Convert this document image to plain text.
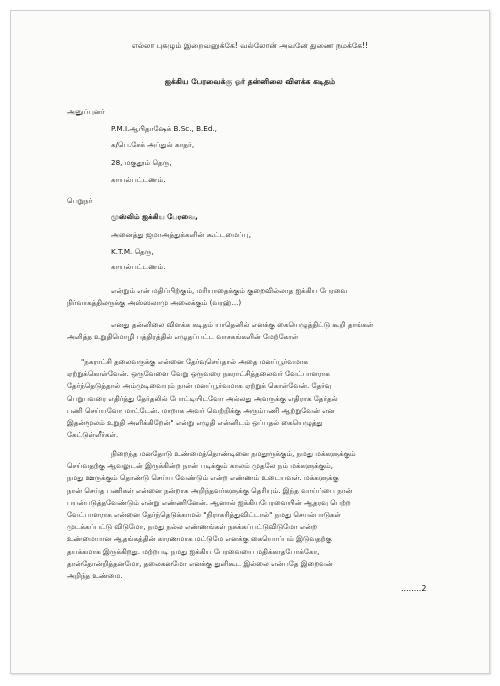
எல்லா புகழும் இறைவனுக்கே! வல்லோன் அவனே துணை நமக்கே!!
ஐக்கிய பேரவைக்கு ஓர் தன்னிலை விளக்க கடிதம்
அனுப்புனர்
P.M.I.ஆபிதாஷேக் B.Sc., B.Ed.,
க/பெ.சேக் அப்துல் காதர்,
28, மகுதூம் தெரு,
காயல்பட்டணம்.
பெறுநர்
முஸ்லிம் ஐக்கிய பேரவை,
அனைத்து ஜமாஅத்துக்களின் கூட்டமைப்பு,
K.T.M. தெரு,
காயல்பட்டணம்.
என்றும் என் மதிப்பிற்கும், மரியாதைக்கும் குறைவில்லாத ஐக்கிய பேரவை
நிர்வாகத்திலருக்கு அஸ்ஸலாமு அலைக்கும் (வரஹ்...)
எனது தன்னிலை விளக்க கடிதம் யாதெனில் எனக்கு கையெழுத்திட்டு கூறி தாங்கள்
அளித்த உறுதிமொழி பத்திரத்தில் எழுதப்பட்ட வாசகங்களின் மேற்கோள்
"நகராட்சி தலைவருக்கு என்னை தேர்வுசெய்தால் அதை மனப்பூர்வமாக
ஏற்றுக்கொள்வேன். ஒருவேளை வேறு ஒருவரை நகராட்சித்தலைவர் வேட்பாளராக
தேர்ந்தெடுத்தால் அம்முடிவையும் நான் மனப்பூர்வமாக ஏற்றுக் கொள்வேன். தேர்வு
பெறுபவரை எதிர்த்து தேர்தலில் போட்டியிடவோ அல்லது அவருக்கு எதிராக தேர்தல்
பணி செய்யவோ மாட்டேன். மாறாக அவர் வெற்றிக்கு அரும்பணி ஆற்றுவேன் என
இதன்மூலம் உறுதி அளிக்கிறேன்" என்று எழுதி என்னிடம் ஒப்பதல் கையெழுத்து
கேட்டுள்ளீர்கள்.
நிறைந்த மனதோடு உண்மைத்தொண்டினை நமதூருக்கும், நமது மக்களுக்கும்
செய்வதற்கு ஆவலுடன் இருக்கின்ற நான் படிக்கும் காலம் முதலே நம் மக்களுக்கும்,
நமது ஊருக்கும் தொண்டு செய்ய வேண்டும் என்ற எண்ணம் உடையவள். மக்களுக்கு
நான் செய்த பணிகள் என்னை நன்றாக அறிந்தவர்களுக்கு தெரியும். இந்த வாய்ப்பை நான்
பயன்படுத்தவேண்டும் என்று எண்ணினேன். ஆனால் ஐக்கியபேரவையின் ஆதரவு பெற்ற
வேட்பாளராக என்னை தேர்ந்தெடுக்காமல் "நிராகரித்துவிட்டால்" நமது செயல்பாடுகள்
முடக்கப்பட்டு விடுமோ, நமது நல்ல எண்ணங்கள் நசுக்கப்பட்டுவிடுமோ என்ற
உண்மையான ஆதங்கத்தின் காரணமாக மட்டுமே எனக்கு கையொப்பம் இடுவதற்கு
தயக்கமாக இருக்கிறது. மற்றபடி நமது ஐக்கிய பேரவையை மதிக்காதபோக்கோ,
தான்தோன்றித்தனமோ, தலைகனமோ எனக்கு துளிகூட இல்லை என்பதே இறைவன்
அறிந்த உண்மை.
........2
